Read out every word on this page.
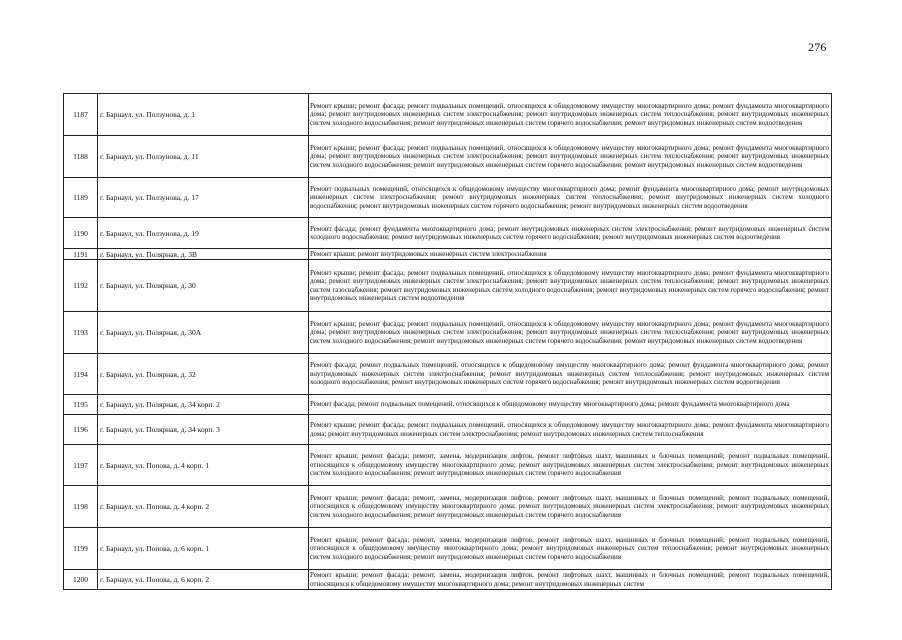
276
1187	г. Барнаул, ул. Ползунова, д. 1	Ремонт крыши; ремонт фасада; ремонт подвальных помещений, относящихся к общедомовому имуществу многоквартирного дома; ремонт фундамента многоквартирного дома; ремонт внутридомовых инженерных систем электроснабжения; ремонт внутридомовых инженерных систем теплоснабжения; ремонт внутридомовых инженерных систем холодного водоснабжения; ремонт внутридомовых инженерных систем горячего водоснабжения; ремонт внутридомовых инженерных систем водоотведения
1188	г. Барнаул, ул. Ползунова, д. 11	Ремонт крыши; ремонт фасада; ремонт подвальных помещений, относящихся к общедомовому имуществу многоквартирного дома; ремонт фундамента многоквартирного дома; ремонт внутридомовых инженерных систем электроснабжения; ремонт внутридомовых инженерных систем теплоснабжения; ремонт внутридомовых инженерных систем холодного водоснабжения; ремонт внутридомовых инженерных систем горячего водоснабжения; ремонт внутридомовых инженерных систем водоотведения
1189	г. Барнаул, ул. Ползунова, д. 17	Ремонт подвальных помещений, относящихся к общедомовому имуществу многоквартирного дома; ремонт фундамента многоквартирного дома; ремонт внутридомовых инженерных систем электроснабжения; ремонт внутридомовых инженерных систем теплоснабжения; ремонт внутридомовых инженерных систем холодного водоснабжения; ремонт внутридомовых инженерных систем горячего водоснабжения; ремонт внутридомовых инженерных систем водоотведения
1190	г. Барнаул, ул. Ползунова, д. 19	Ремонт фасада; ремонт фундамента многоквартирного дома; ремонт внутридомовых инженерных систем электроснабжения; ремонт внутридомовых инженерных систем холодного водоснабжения; ремонт внутридомовых инженерных систем горячего водоснабжения; ремонт внутридомовых инженерных систем водоотведения
1191	г. Барнаул, ул. Полярная, д. 3В	Ремонт крыши; ремонт внутридомовых инженерных систем электроснабжения
1192	г. Барнаул, ул. Полярная, д. 30	Ремонт крыши; ремонт фасада; ремонт подвальных помещений, относящихся к общедомовому имуществу многоквартирного дома; ремонт фундамента многоквартирного дома; ремонт внутридомовых инженерных систем электроснабжения; ремонт внутридомовых инженерных систем теплоснабжения; ремонт внутридомовых инженерных систем газоснабжения; ремонт внутридомовых инженерных систем холодного водоснабжения; ремонт внутридомовых инженерных систем горячего водоснабжения; ремонт внутридомовых инженерных систем водоотведения
1193	г. Барнаул, ул. Полярная, д. 30А	Ремонт крыши; ремонт фасада; ремонт подвальных помещений, относящихся к общедомовому имуществу многоквартирного дома; ремонт фундамента многоквартирного дома; ремонт внутридомовых инженерных систем электроснабжения; ремонт внутридомовых инженерных систем теплоснабжения; ремонт внутридомовых инженерных систем холодного водоснабжения; ремонт внутридомовых инженерных систем горячего водоснабжения; ремонт внутридомовых инженерных систем водоотведения
1194	г. Барнаул, ул. Полярная, д. 32	Ремонт фасада; ремонт подвальных помещений, относящихся к общедомовому имуществу многоквартирного дома; ремонт фундамента многоквартирного дома; ремонт внутридомовых инженерных систем электроснабжения; ремонт внутридомовых инженерных систем теплоснабжения; ремонт внутридомовых инженерных систем холодного водоснабжения; ремонт внутридомовых инженерных систем горячего водоснабжения; ремонт внутридомовых инженерных систем водоотведения
1195	г. Барнаул, ул. Полярная, д. 34 корп. 2	Ремонт фасада; ремонт подвальных помещений, относящихся к общедомовому имуществу многоквартирного дома; ремонт фундамента многоквартирного дома
1196	г. Барнаул, ул. Полярная, д. 34 корп. 3	Ремонт крыши; ремонт фасада; ремонт подвальных помещений, относящихся к общедомовому имуществу многоквартирного дома; ремонт фундамента многоквартирного дома; ремонт внутридомовых инженерных систем электроснабжения; ремонт внутридомовых инженерных систем теплоснабжения
1197	г. Барнаул, ул. Попова, д. 4 корп. 1	Ремонт крыши; ремонт фасада; ремонт, замена, модернизация лифтов, ремонт лифтовых шахт, машинных и блочных помещений; ремонт подвальных помещений, относящихся к общедомовому имуществу многоквартирного дома; ремонт внутридомовых инженерных систем электроснабжения; ремонт внутридомовых инженерных систем холодного водоснабжения; ремонт внутридомовых инженерных систем горячего водоснабжения
1198	г. Барнаул, ул. Попова, д. 4 корп. 2	Ремонт крыши; ремонт фасада; ремонт, замена, модернизация лифтов, ремонт лифтовых шахт, машинных и блочных помещений; ремонт подвальных помещений, относящихся к общедомовому имуществу многоквартирного дома; ремонт внутридомовых инженерных систем электроснабжения; ремонт внутридомовых инженерных систем холодного водоснабжения; ремонт внутридомовых инженерных систем горячего водоснабжения
1199	г. Барнаул, ул. Попова, д. 6 корп. 1	Ремонт крыши; ремонт фасада; ремонт, замена, модернизация лифтов, ремонт лифтовых шахт, машинных и блочных помещений; ремонт подвальных помещений, относящихся к общедомовому имуществу многоквартирного дома; ремонт внутридомовых инженерных систем теплоснабжения; ремонт внутридомовых инженерных систем холодного водоснабжения; ремонт внутридомовых инженерных систем горячего водоснабжения
1200	г. Барнаул, ул. Попова, д. 6 корп. 2	Ремонт крыши; ремонт фасада; ремонт, замена, модернизация лифтов, ремонт лифтовых шахт, машинных и блочных помещений; ремонт подвальных помещений, относящихся к общедомовому имуществу многоквартирного дома; ремонт внутридомовых инженерных систем
